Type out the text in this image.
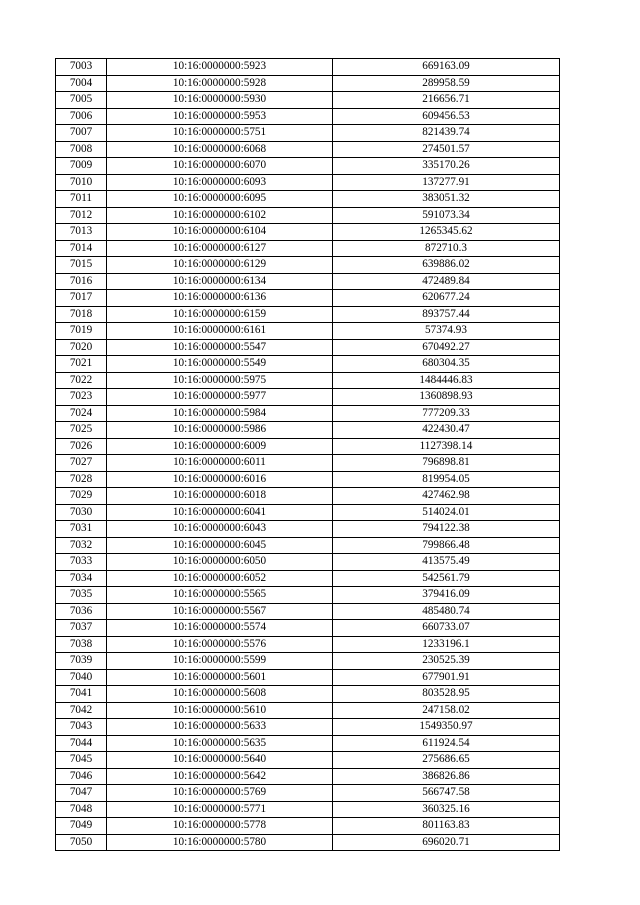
7003	10:16:0000000:5923	669163.09
7004	10:16:0000000:5928	289958.59
7005	10:16:0000000:5930	216656.71
7006	10:16:0000000:5953	609456.53
7007	10:16:0000000:5751	821439.74
7008	10:16:0000000:6068	274501.57
7009	10:16:0000000:6070	335170.26
7010	10:16:0000000:6093	137277.91
7011	10:16:0000000:6095	383051.32
7012	10:16:0000000:6102	591073.34
7013	10:16:0000000:6104	1265345.62
7014	10:16:0000000:6127	872710.3
7015	10:16:0000000:6129	639886.02
7016	10:16:0000000:6134	472489.84
7017	10:16:0000000:6136	620677.24
7018	10:16:0000000:6159	893757.44
7019	10:16:0000000:6161	57374.93
7020	10:16:0000000:5547	670492.27
7021	10:16:0000000:5549	680304.35
7022	10:16:0000000:5975	1484446.83
7023	10:16:0000000:5977	1360898.93
7024	10:16:0000000:5984	777209.33
7025	10:16:0000000:5986	422430.47
7026	10:16:0000000:6009	1127398.14
7027	10:16:0000000:6011	796898.81
7028	10:16:0000000:6016	819954.05
7029	10:16:0000000:6018	427462.98
7030	10:16:0000000:6041	514024.01
7031	10:16:0000000:6043	794122.38
7032	10:16:0000000:6045	799866.48
7033	10:16:0000000:6050	413575.49
7034	10:16:0000000:6052	542561.79
7035	10:16:0000000:5565	379416.09
7036	10:16:0000000:5567	485480.74
7037	10:16:0000000:5574	660733.07
7038	10:16:0000000:5576	1233196.1
7039	10:16:0000000:5599	230525.39
7040	10:16:0000000:5601	677901.91
7041	10:16:0000000:5608	803528.95
7042	10:16:0000000:5610	247158.02
7043	10:16:0000000:5633	1549350.97
7044	10:16:0000000:5635	611924.54
7045	10:16:0000000:5640	275686.65
7046	10:16:0000000:5642	386826.86
7047	10:16:0000000:5769	566747.58
7048	10:16:0000000:5771	360325.16
7049	10:16:0000000:5778	801163.83
7050	10:16:0000000:5780	696020.71
